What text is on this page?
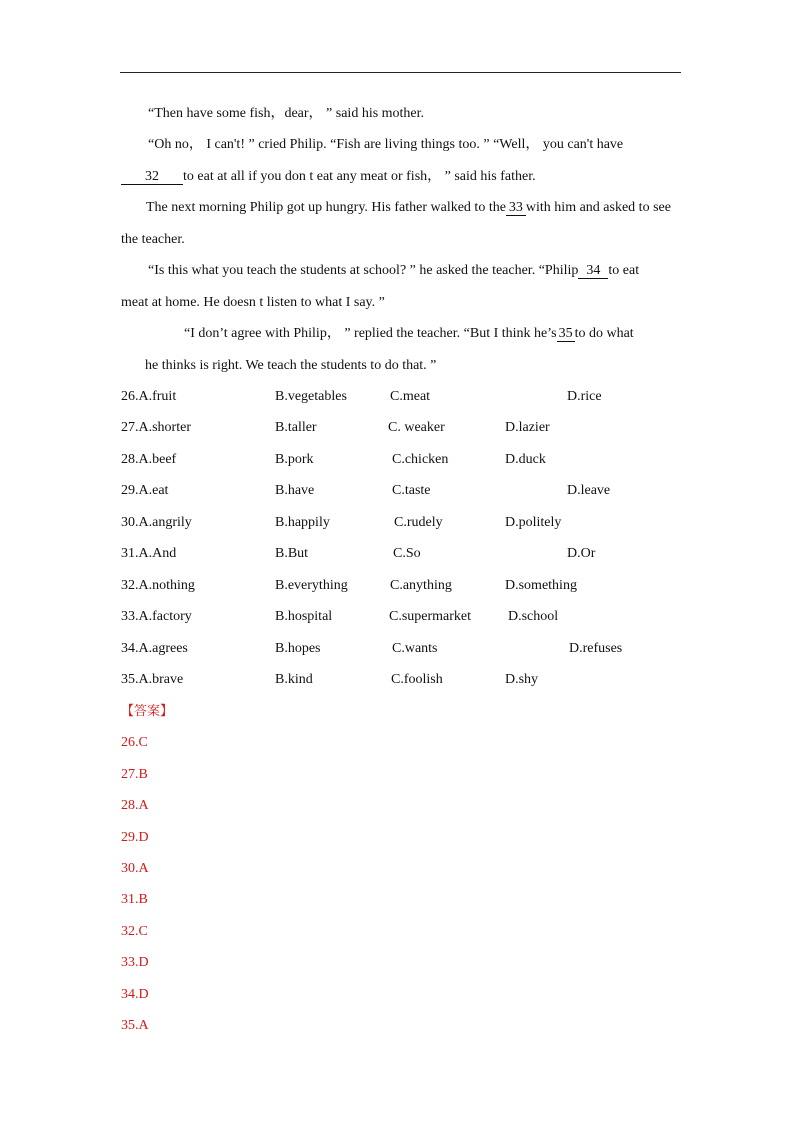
“Then have some fish，dear， ” said his mother.
“Oh no， I can't! ” cried Philip. “Fish are living things too. ” “Well， you can't have
32 to eat at all if you don t eat any meat or fish， ” said his father.
The next morning Philip got up hungry. His father walked to the 33 with him and asked to see
the teacher.
“Is this what you teach the students at school? ” he asked the teacher. “Philip 34 to eat
meat at home. He doesn t listen to what I say. ”
“I don’t agree with Philip， ” replied the teacher. “But I think he’s 35 to do what
he thinks is right. We teach the students to do that. ”
26.A.fruit	B.vegetables	C.meat	D.rice
27.A.shorter	B.taller	C. weaker	D.lazier
28.A.beef	B.pork	C.chicken	D.duck
29.A.eat	B.have	C.taste	D.leave
30.A.angrily	B.happily	C.rudely	D.politely
31.A.And	B.But	C.So	D.Or
32.A.nothing	B.everything	C.anything	D.something
33.A.factory	B.hospital	C.supermarket	D.school
34.A.agrees	B.hopes	C.wants	D.refuses
35.A.brave	B.kind	C.foolish	D.shy
【答案】
26.C
27.B
28.A
29.D
30.A
31.B
32.C
33.D
34.D
35.A
